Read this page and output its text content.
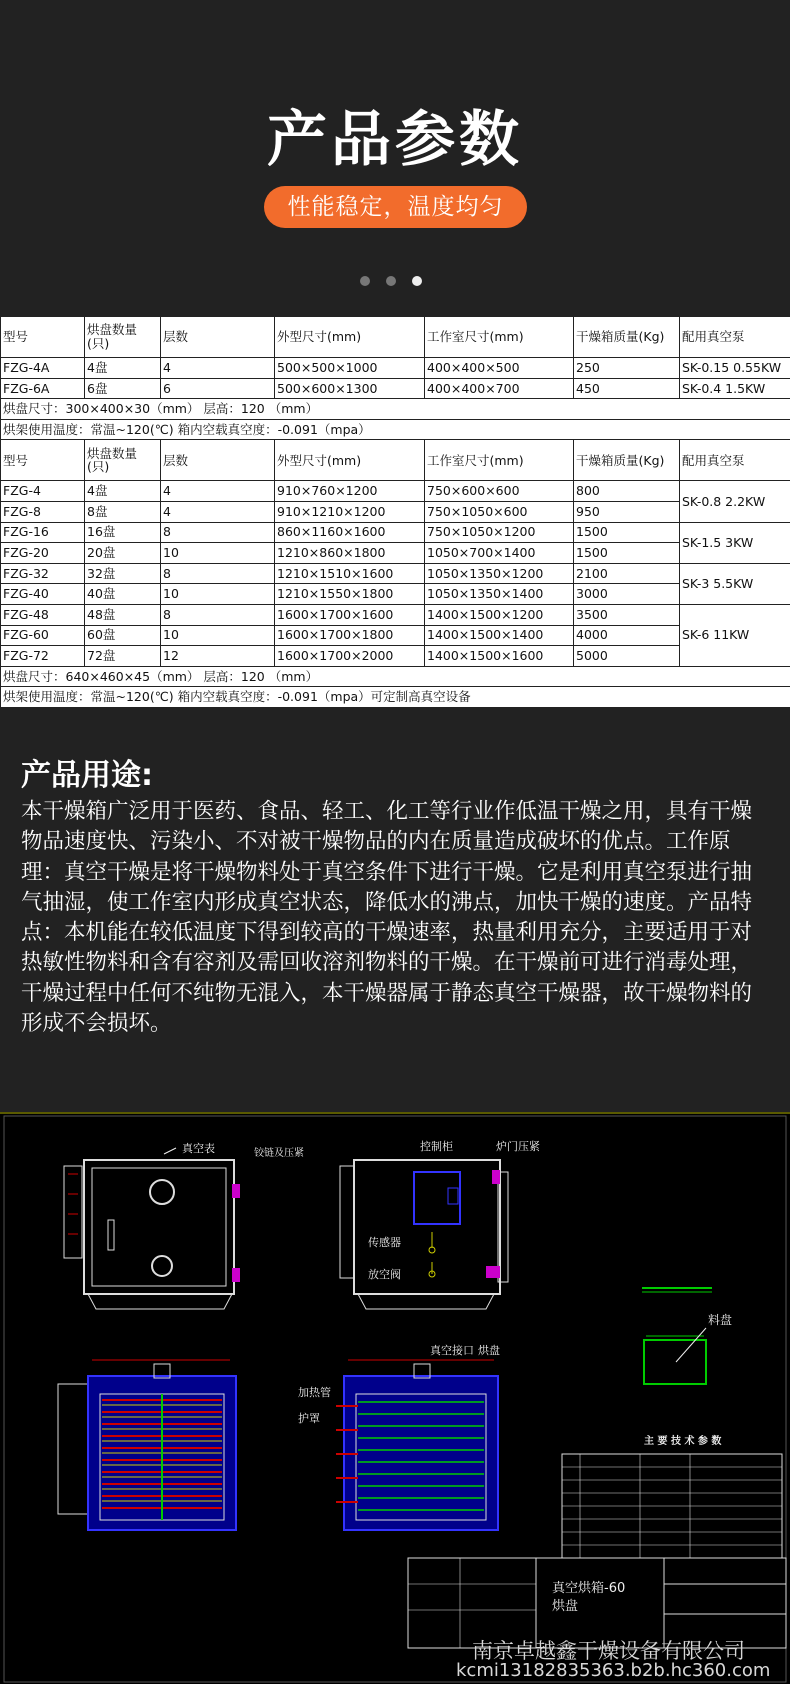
产品参数
性能稳定，温度均匀
型号	烘盘数量(只)	层数	外型尺寸(mm)	工作室尺寸(mm)	干燥箱质量(Kg)	配用真空泵
FZG-4A	4盘	4	500×500×1000	400×400×500	250	SK-0.15 0.55KW
FZG-6A	6盘	6	500×600×1300	400×400×700	450	SK-0.4 1.5KW
烘盘尺寸：300×400×30（mm） 层高：120 （mm）						
烘架使用温度：常温~120(℃) 箱内空载真空度：-0.091（mpa）						
型号	烘盘数量(只)	层数	外型尺寸(mm)	工作室尺寸(mm)	干燥箱质量(Kg)	配用真空泵
FZG-4	4盘	4	910×760×1200	750×600×600	800	SK-0.8 2.2KW
FZG-8	8盘	4	910×1210×1200	750×1050×600	950	
FZG-16	16盘	8	860×1160×1600	750×1050×1200	1500	SK-1.5 3KW
FZG-20	20盘	10	1210×860×1800	1050×700×1400	1500	
FZG-32	32盘	8	1210×1510×1600	1050×1350×1200	2100	SK-3 5.5KW
FZG-40	40盘	10	1210×1550×1800	1050×1350×1400	3000	
FZG-48	48盘	8	1600×1700×1600	1400×1500×1200	3500	SK-6 11KW
FZG-60	60盘	10	1600×1700×1800	1400×1500×1400	4000	
FZG-72	72盘	12	1600×1700×2000	1400×1500×1600	5000	
烘盘尺寸：640×460×45（mm） 层高：120 （mm）						
烘架使用温度：常温~120(℃) 箱内空载真空度：-0.091（mpa）可定制高真空设备						
产品用途:
本干燥箱广泛用于医药、食品、轻工、化工等行业作低温干燥之用，具有干燥物品速度快、污染小、不对被干燥物品的内在质量造成破坏的优点。工作原理：真空干燥是将干燥物料处于真空条件下进行干燥。它是利用真空泵进行抽气抽湿，使工作室内形成真空状态，降低水的沸点，加快干燥的速度。产品特点：本机能在较低温度下得到较高的干燥速率，热量利用充分，主要适用于对热敏性物料和含有容剂及需回收溶剂物料的干燥。在干燥前可进行消毒处理，干燥过程中任何不纯物无混入，本干燥器属于静态真空干燥器，故干燥物料的形成不会损坏。
真空表	铰链及压紧
控制柜	炉门压紧
传感器
放空阀
料盘
真空接口 烘盘
加热管
护罩
主 要 技 术 参 数
真空烘箱-60
烘盘
南京卓越鑫干燥设备有限公司
kcmi13182835363.b2b.hc360.com
